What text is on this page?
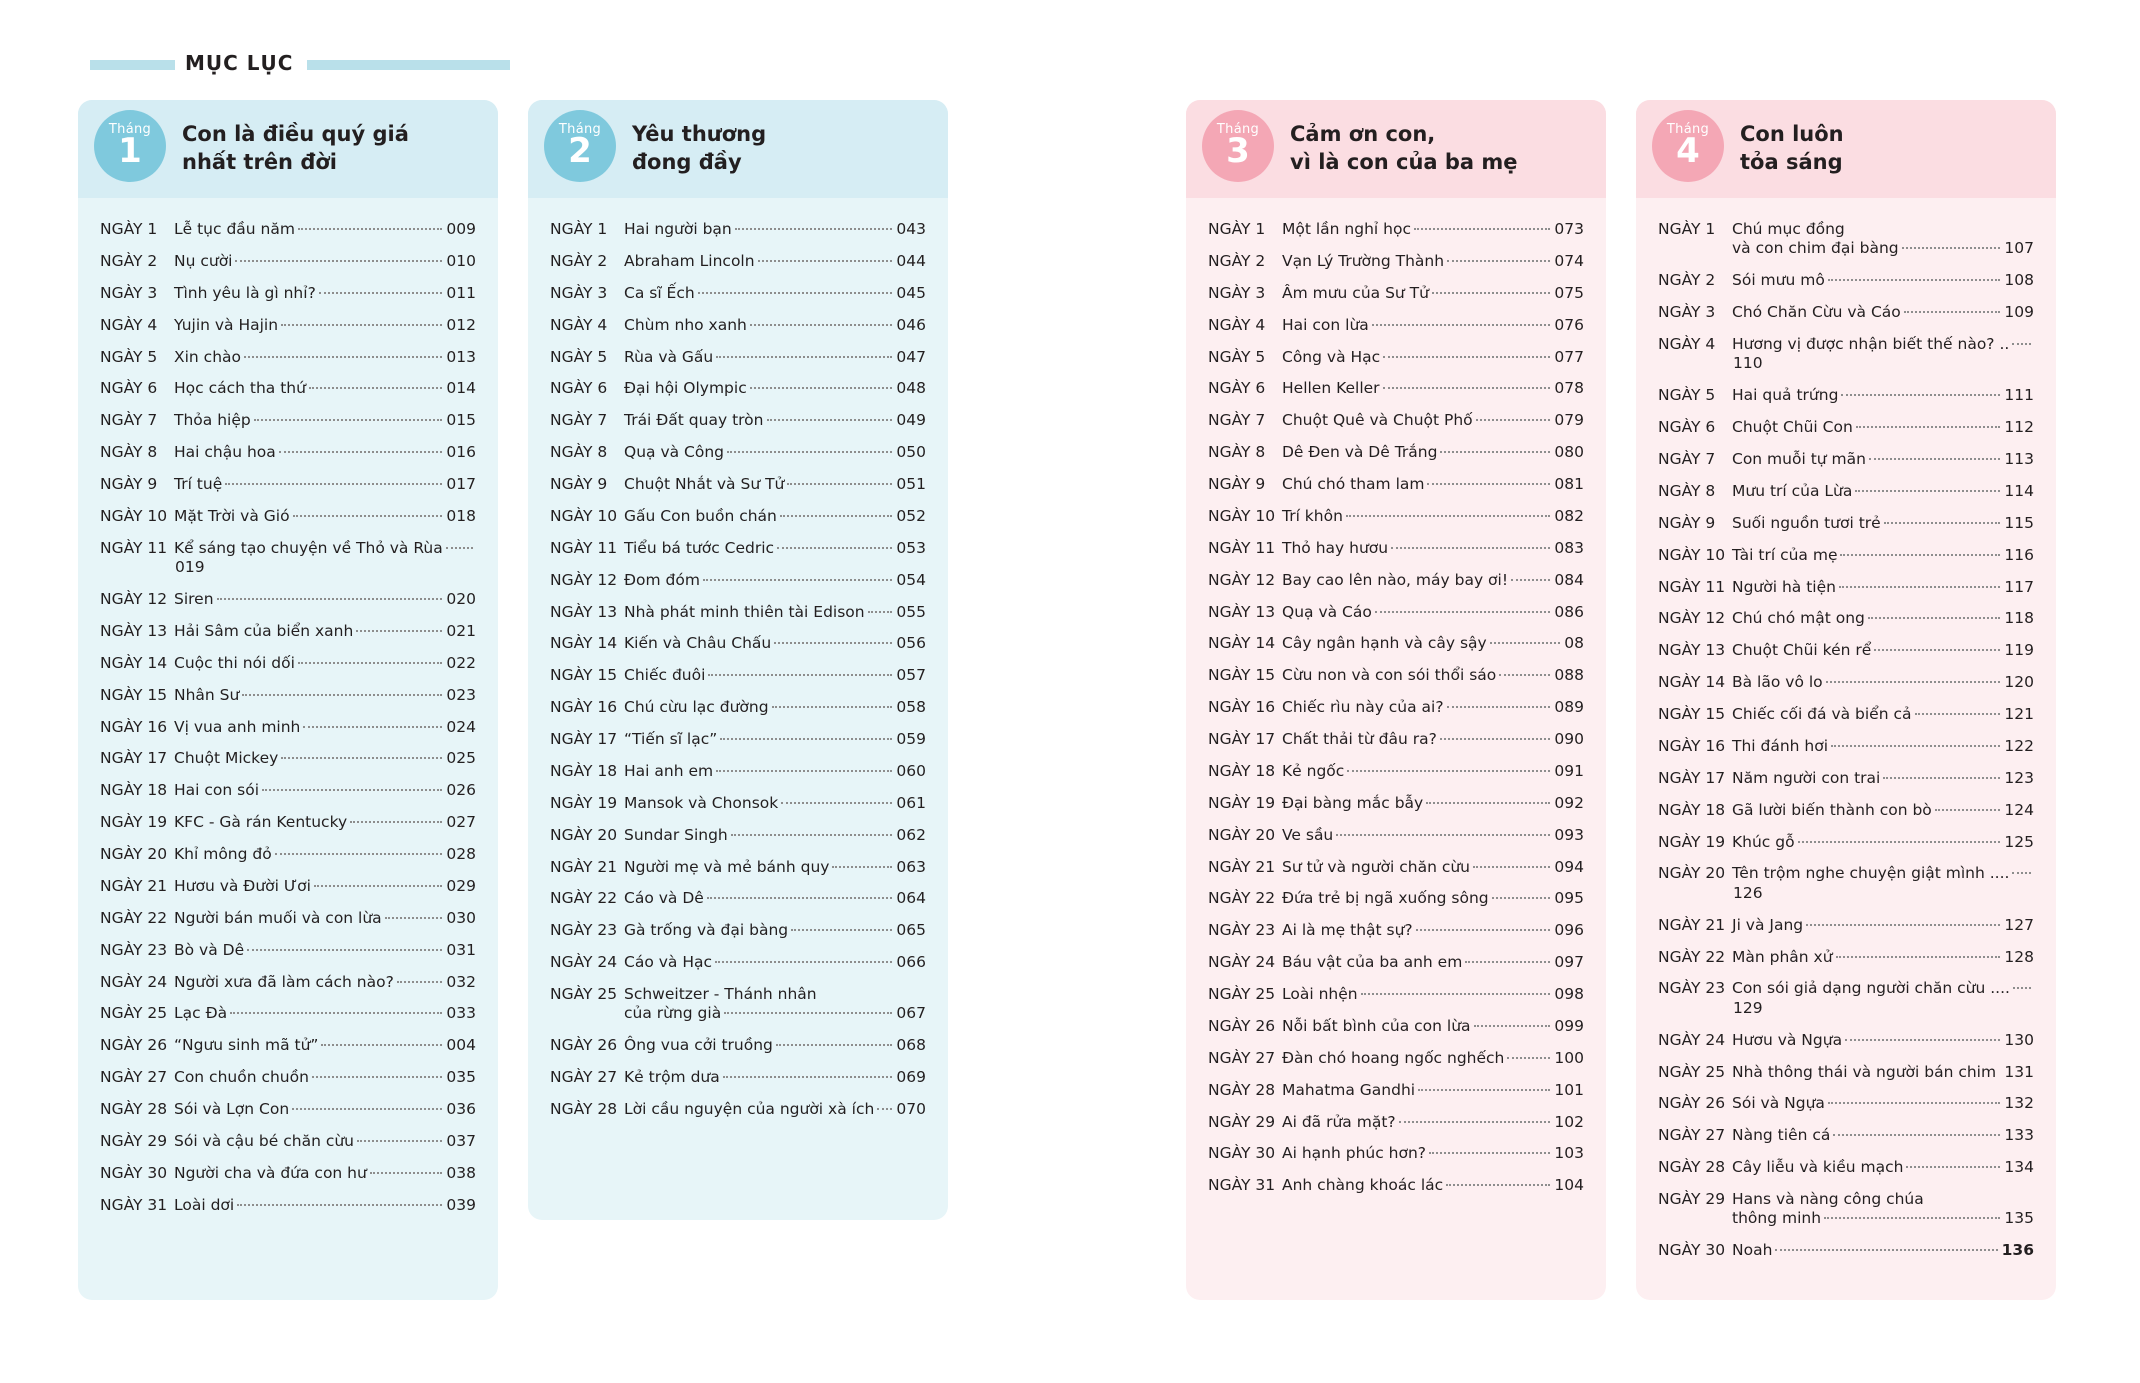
MỤC LỤC
Tháng
1	Con là điều quý giá
nhất trên đời
NGÀY 1	Lễ tục đầu năm	009
NGÀY 2	Nụ cười	010
NGÀY 3	Tình yêu là gì nhỉ?	011
NGÀY 4	Yujin và Hajin	012
NGÀY 5	Xin chào	013
NGÀY 6	Học cách tha thứ	014
NGÀY 7	Thỏa hiệp	015
NGÀY 8	Hai chậu hoa	016
NGÀY 9	Trí tuệ	017
NGÀY 10 Mặt Trời và Gió	018
NGÀY 11 Kể sáng tạo chuyện về Thỏ và Rùa
019
NGÀY 12 Siren	020
NGÀY 13 Hải Sâm của biển xanh	021
NGÀY 14 Cuộc thi nói dối	022
NGÀY 15 Nhân Sư	023
NGÀY 16 Vị vua anh minh	024
NGÀY 17 Chuột Mickey	025
NGÀY 18 Hai con sói	026
NGÀY 19 KFC - Gà rán Kentucky	027
NGÀY 20 Khỉ mông đỏ	028
NGÀY 21 Hươu và Đười Ươi	029
NGÀY 22 Người bán muối và con lừa	030
NGÀY 23 Bò và Dê	031
NGÀY 24 Người xưa đã làm cách nào?	032
NGÀY 25 Lạc Đà	033
NGÀY 26 “Ngưu sinh mã tử”	004
NGÀY 27 Con chuồn chuồn	035
NGÀY 28 Sói và Lợn Con	036
NGÀY 29 Sói và cậu bé chăn cừu	037
NGÀY 30 Người cha và đứa con hư	038
NGÀY 31 Loài dơi	039
Tháng
2	Yêu thương
đong đầy
NGÀY 1	Hai người bạn	043
NGÀY 2	Abraham Lincoln	044
NGÀY 3	Ca sĩ Ếch	045
NGÀY 4	Chùm nho xanh	046
NGÀY 5	Rùa và Gấu	047
NGÀY 6	Đại hội Olympic	048
NGÀY 7	Trái Đất quay tròn	049
NGÀY 8	Quạ và Công	050
NGÀY 9	Chuột Nhắt và Sư Tử	051
NGÀY 10 Gấu Con buồn chán	052
NGÀY 11 Tiểu bá tước Cedric	053
NGÀY 12 Đom đóm	054
NGÀY 13 Nhà phát minh thiên tài Edison 055
NGÀY 14 Kiến và Châu Chấu	056
NGÀY 15 Chiếc đuôi	057
NGÀY 16 Chú cừu lạc đường	058
NGÀY 17 “Tiến sĩ lạc”	059
NGÀY 18 Hai anh em	060
NGÀY 19 Mansok và Chonsok	061
NGÀY 20 Sundar Singh	062
NGÀY 21 Người mẹ và mẻ bánh quy	063
NGÀY 22 Cáo và Dê	064
NGÀY 23 Gà trống và đại bàng	065
NGÀY 24 Cáo và Hạc	066
NGÀY 25 Schweitzer - Thánh nhân
của rừng già	067
NGÀY 26 Ông vua cởi truồng	068
NGÀY 27 Kẻ trộm dưa	069
NGÀY 28 Lời cầu nguyện của người xà ích 070
Tháng
3	Cảm ơn con,
vì là con của ba mẹ
NGÀY 1	Một lần nghỉ học	073
NGÀY 2	Vạn Lý Trường Thành	074
NGÀY 3	Âm mưu của Sư Tử	075
NGÀY 4	Hai con lừa	076
NGÀY 5	Công và Hạc	077
NGÀY 6	Hellen Keller	078
NGÀY 7	Chuột Quê và Chuột Phố	079
NGÀY 8	Dê Đen và Dê Trắng	080
NGÀY 9	Chú chó tham lam	081
NGÀY 10 Trí khôn	082
NGÀY 11 Thỏ hay hươu	083
NGÀY 12 Bay cao lên nào, máy bay ơi!	084
NGÀY 13 Quạ và Cáo	086
NGÀY 14 Cây ngân hạnh và cây sậy	08
NGÀY 15 Cừu non và con sói thổi sáo	088
NGÀY 16 Chiếc rìu này của ai?	089
NGÀY 17 Chất thải từ đâu ra?	090
NGÀY 18 Kẻ ngốc	091
NGÀY 19 Đại bàng mắc bẫy	092
NGÀY 20 Ve sầu	093
NGÀY 21 Sư tử và người chăn cừu	094
NGÀY 22 Đứa trẻ bị ngã xuống sông	095
NGÀY 23 Ai là mẹ thật sự?	096
NGÀY 24 Báu vật của ba anh em	097
NGÀY 25 Loài nhện	098
NGÀY 26 Nỗi bất bình của con lừa	099
NGÀY 27 Đàn chó hoang ngốc nghếch	100
NGÀY 28 Mahatma Gandhi	101
NGÀY 29 Ai đã rửa mặt?	102
NGÀY 30 Ai hạnh phúc hơn?	103
NGÀY 31 Anh chàng khoác lác	104
Tháng
4	Con luôn
tỏa sáng
NGÀY 1	Chú mục đồng
và con chim đại bàng	107
NGÀY 2	Sói mưu mô	108
NGÀY 3	Chó Chăn Cừu và Cáo	109
NGÀY 4	Hương vị được nhận biết thế nào? ..
110
NGÀY 5	Hai quả trứng	111
NGÀY 6	Chuột Chũi Con	112
NGÀY 7	Con muỗi tự mãn	113
NGÀY 8	Mưu trí của Lừa	114
NGÀY 9	Suối nguồn tươi trẻ	115
NGÀY 10 Tài trí của mẹ	116
NGÀY 11 Người hà tiện	117
NGÀY 12 Chú chó mật ong	118
NGÀY 13 Chuột Chũi kén rể	119
NGÀY 14 Bà lão vô lo	120
NGÀY 15 Chiếc cối đá và biển cả	121
NGÀY 16 Thi đánh hơi	122
NGÀY 17 Năm người con trai	123
NGÀY 18 Gã lười biến thành con bò	124
NGÀY 19 Khúc gỗ	125
NGÀY 20 Tên trộm nghe chuyện giật mình ....
126
NGÀY 21 Ji và Jang	127
NGÀY 22 Màn phân xử	128
NGÀY 23 Con sói giả dạng người chăn cừu ....
129
NGÀY 24 Hươu và Ngựa	130
NGÀY 25 Nhà thông thái và người bán chim 131
NGÀY 26 Sói và Ngựa	132
NGÀY 27 Nàng tiên cá	133
NGÀY 28 Cây liễu và kiều mạch	134
NGÀY 29 Hans và nàng công chúa
thông minh	135
NGÀY 30 Noah	136
